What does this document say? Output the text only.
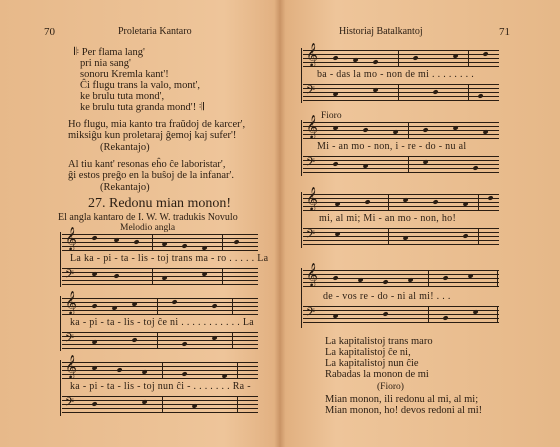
70	Proletaria Kantaro
𝄆 Per flama lang'
pri nia sang'
sonoru Kremla kant'!
Ĉi flugu trans la valo, mont',
ke brulu tuta mond',
ke brulu tuta granda mond'! 𝄇
Ho flugu, mia kanto tra fraŭdoj de karcer',
miksiĝu kun proletaraj ĝemoj kaj sufer'!
(Rekantajo)
Al tiu kant' resonas eĥo ĉe laboristar',
ĝi estos preĝo en la buŝoj de la infanar'.
(Rekantajo)
27. Redonu mian monon!
El angla kantaro de I. W. W. tradukis Novulo
Melodio angla
𝄞
La ka - pi - ta - lis - toj trans ma - ro . . . . . La
𝄢
𝄞
ka - pi - ta - lis - toj ĉe ni . . . . . . . . . . . La
𝄢
𝄞
ka - pi - ta - lis - toj nun ĉi - . . . . . . . Ra -
𝄢
Historiaj Batalkantoj	71
𝄞
ba - das la mo - non de mi . . . . . . . .
𝄢
Fioro
𝄞
Mi - an mo - non, i - re - do - nu al
𝄢
𝄞
mi, al mi; Mi - an mo - non, ho!
𝄢
𝄞
de - vos re - do - ni al mi! . . .
𝄢
La kapitalistoj trans maro
La kapitalistoj ĉe ni,
La kapitalistoj nun ĉie
Rabadas la monon de mi
(Fioro)
Mian monon, ili redonu al mi, al mi;
Mian monon, ho! devos redoni al mi!
